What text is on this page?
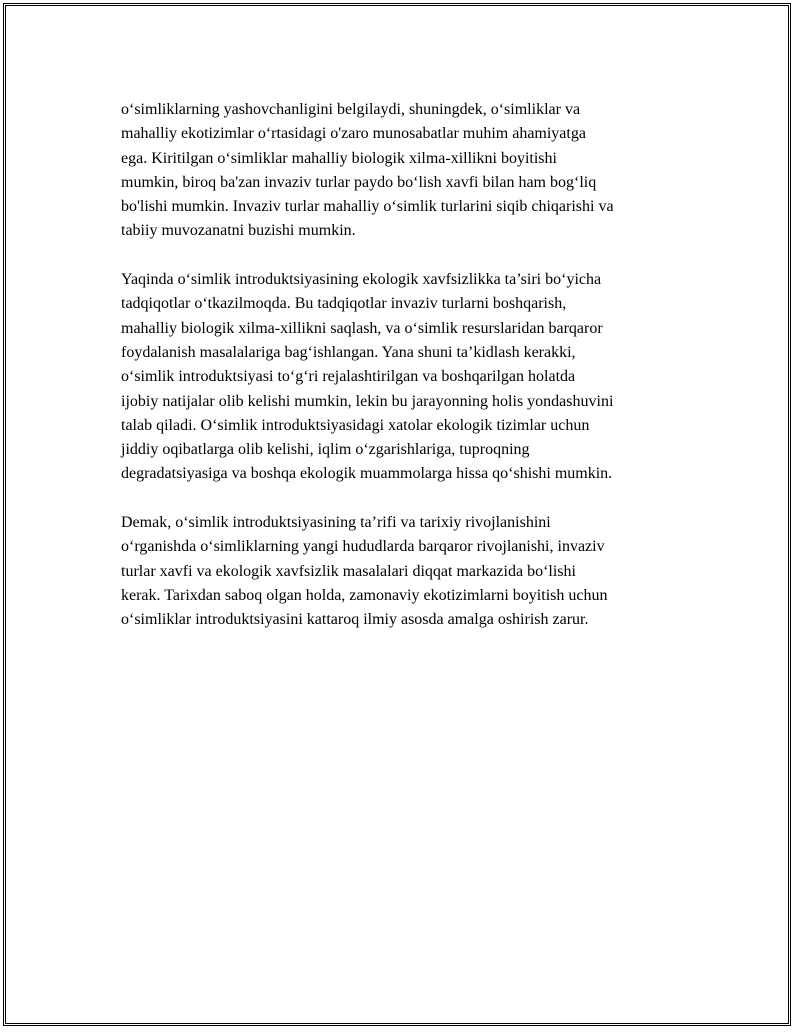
o‘simliklarning yashovchanligini belgilaydi, shuningdek, o‘simliklar va
mahalliy ekotizimlar o‘rtasidagi o'zaro munosabatlar muhim ahamiyatga
ega. Kiritilgan o‘simliklar mahalliy biologik xilma-xillikni boyitishi
mumkin, biroq ba'zan invaziv turlar paydo bo‘lish xavfi bilan ham bog‘liq
bo'lishi mumkin. Invaziv turlar mahalliy o‘simlik turlarini siqib chiqarishi va
tabiiy muvozanatni buzishi mumkin.

Yaqinda o‘simlik introduktsiyasining ekologik xavfsizlikka ta’siri bo‘yicha
tadqiqotlar o‘tkazilmoqda. Bu tadqiqotlar invaziv turlarni boshqarish,
mahalliy biologik xilma-xillikni saqlash, va o‘simlik resurslaridan barqaror
foydalanish masalalariga bag‘ishlangan. Yana shuni ta’kidlash kerakki,
o‘simlik introduktsiyasi to‘g‘ri rejalashtirilgan va boshqarilgan holatda
ijobiy natijalar olib kelishi mumkin, lekin bu jarayonning holis yondashuvini
talab qiladi. O‘simlik introduktsiyasidagi xatolar ekologik tizimlar uchun
jiddiy oqibatlarga olib kelishi, iqlim o‘zgarishlariga, tuproqning
degradatsiyasiga va boshqa ekologik muammolarga hissa qo‘shishi mumkin.

Demak, o‘simlik introduktsiyasining ta’rifi va tarixiy rivojlanishini
o‘rganishda o‘simliklarning yangi hududlarda barqaror rivojlanishi, invaziv
turlar xavfi va ekologik xavfsizlik masalalari diqqat markazida bo‘lishi
kerak. Tarixdan saboq olgan holda, zamonaviy ekotizimlarni boyitish uchun
o‘simliklar introduktsiyasini kattaroq ilmiy asosda amalga oshirish zarur.
